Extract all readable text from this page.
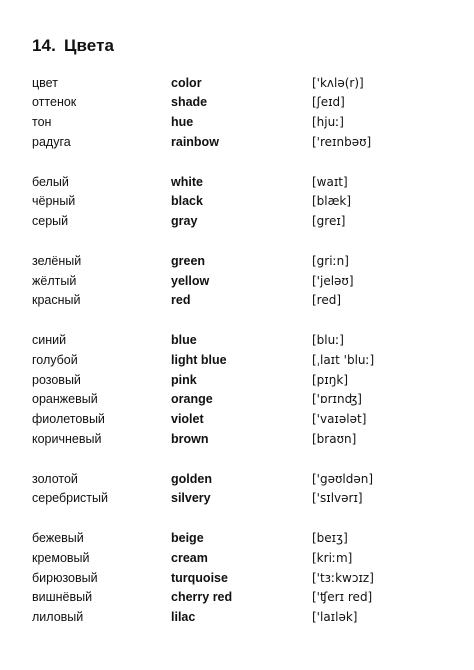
14. Цвета
цвет	color	['kʌlə(r)]
оттенок	shade	[ʃeɪd]
тон	hue	[hjuː]
радуга	rainbow	['reɪnbəʊ]
белый	white	[waɪt]
чёрный	black	[blæk]
серый	gray	[greɪ]
зелёный	green	[griːn]
жёлтый	yellow	['jeləʊ]
красный	red	[red]
синий	blue	[bluː]
голубой	light blue	[ˌlaɪt 'bluː]
розовый	pink	[pɪŋk]
оранжевый	orange	['ɒrɪnʤ]
фиолетовый	violet	['vaɪələt]
коричневый	brown	[braʊn]
золотой	golden	['gəʊldən]
серебристый	silvery	['sɪlvərɪ]
бежевый	beige	[beɪʒ]
кремовый	cream	[kriːm]
бирюзовый	turquoise	['tɜːkwɔɪz]
вишнёвый	cherry red	['ʧerɪ red]
лиловый	lilac	['laɪlək]
